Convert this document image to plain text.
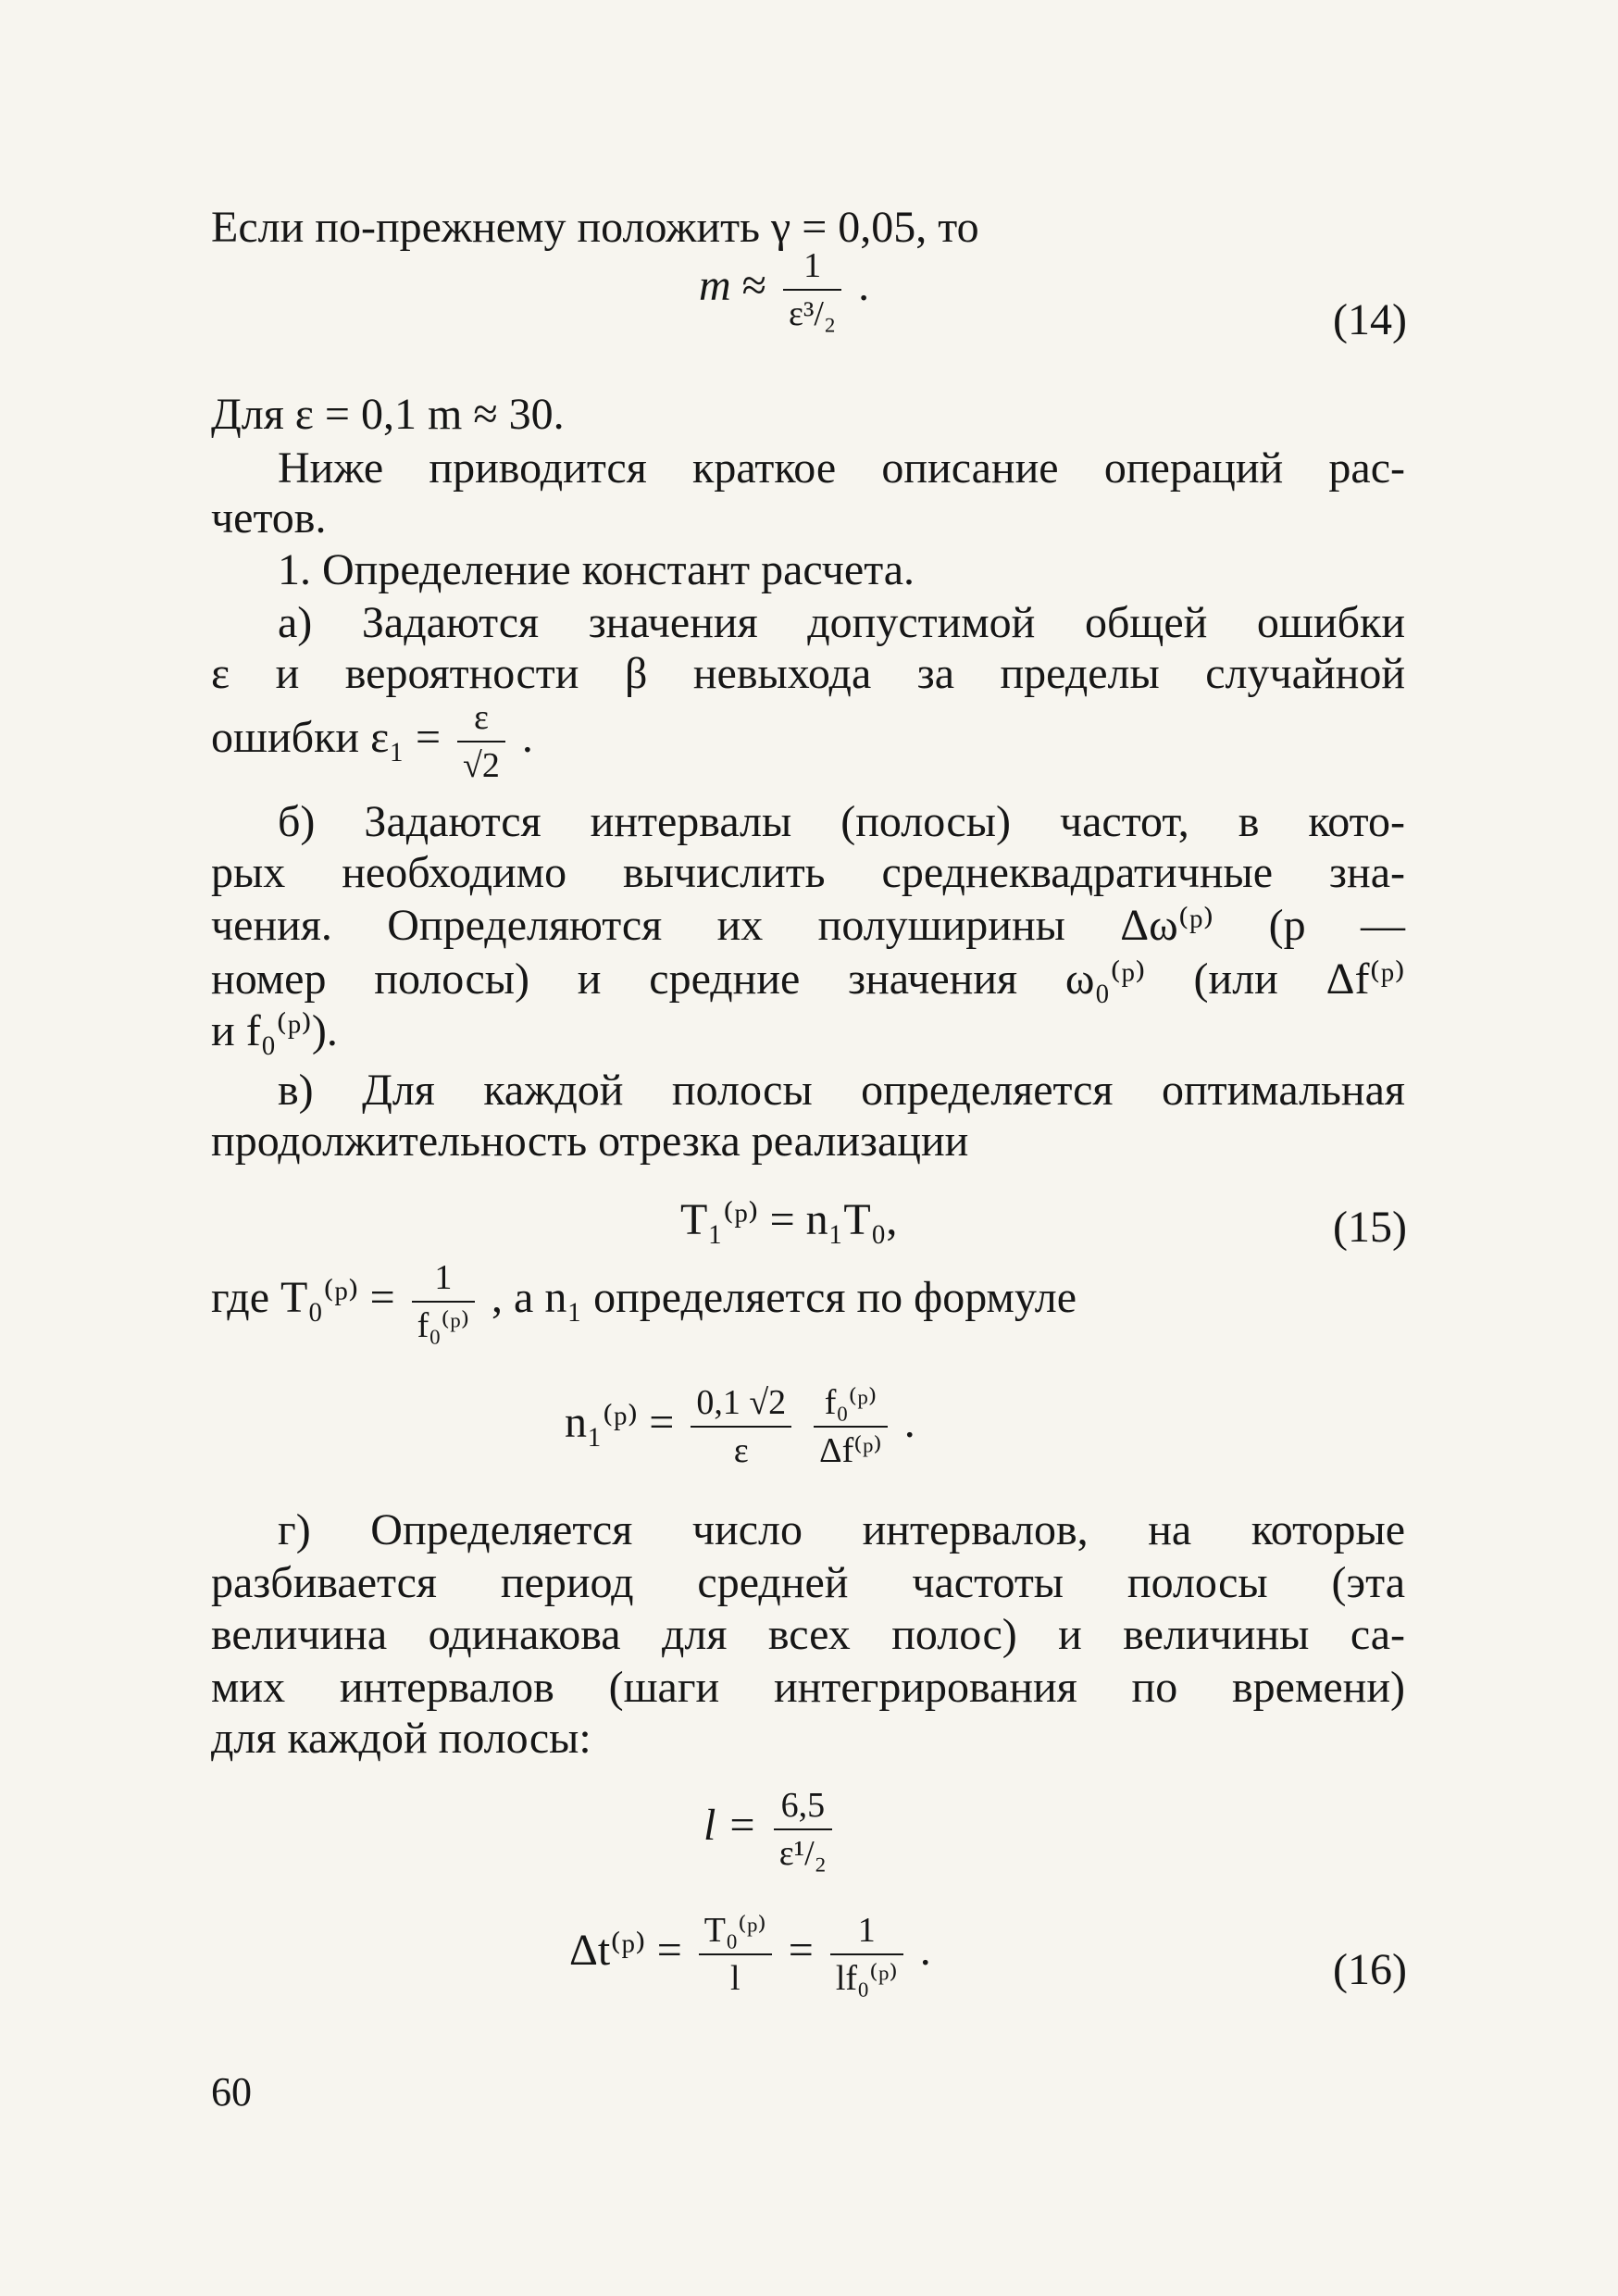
Если по-прежнему положить γ = 0,05, то
$m \approx \frac{1}{\text{ε³/₂}}$ .
(14)
Для ε = 0,1 m ≈ 30.
Ниже приводится краткое описание операций рас-
четов.
1. Определение констант расчета.
а) Задаются значения допустимой общей ошибки
ε и вероятности β невыхода за пределы случайной
ошибки $\varepsilon_1 = \frac{\varepsilon}{√2}$ .
б) Задаются интервалы (полосы) частот, в кото-
рых необходимо вычислить среднеквадратичные зна-
чения. Определяются их полуширины Δω⁽ᵖ⁾ (p —
номер полосы) и средние значения ω₀⁽ᵖ⁾ (или Δf⁽ᵖ⁾
и f₀⁽ᵖ⁾).
в) Для каждой полосы определяется оптимальная
продолжительность отрезка реализации
T₁⁽ᵖ⁾ = n₁T₀,	(15)
где T₀⁽ᵖ⁾ = $\frac{1}{\text{f₀⁽ᵖ⁾}}$ , а n₁ определяется по формуле
n₁⁽ᵖ⁾ = $\frac{0,1 √2}{\varepsilon}$
$\frac{\text{f₀⁽ᵖ⁾}}{\text{Δf⁽ᵖ⁾}}$ .
г) Определяется число интервалов, на которые
разбивается период средней частоты полосы (эта
величина одинакова для всех полос) и величины са-
мих интервалов (шаги интегрирования по времени)
для каждой полосы:
$l = \frac{6,5}{\text{ε¹/₂}}$
Δt⁽ᵖ⁾ = $\frac{\text{T₀⁽ᵖ⁾}}{l} = \frac{1}{\text{lf₀⁽ᵖ⁾}}$ .	(16)
60
